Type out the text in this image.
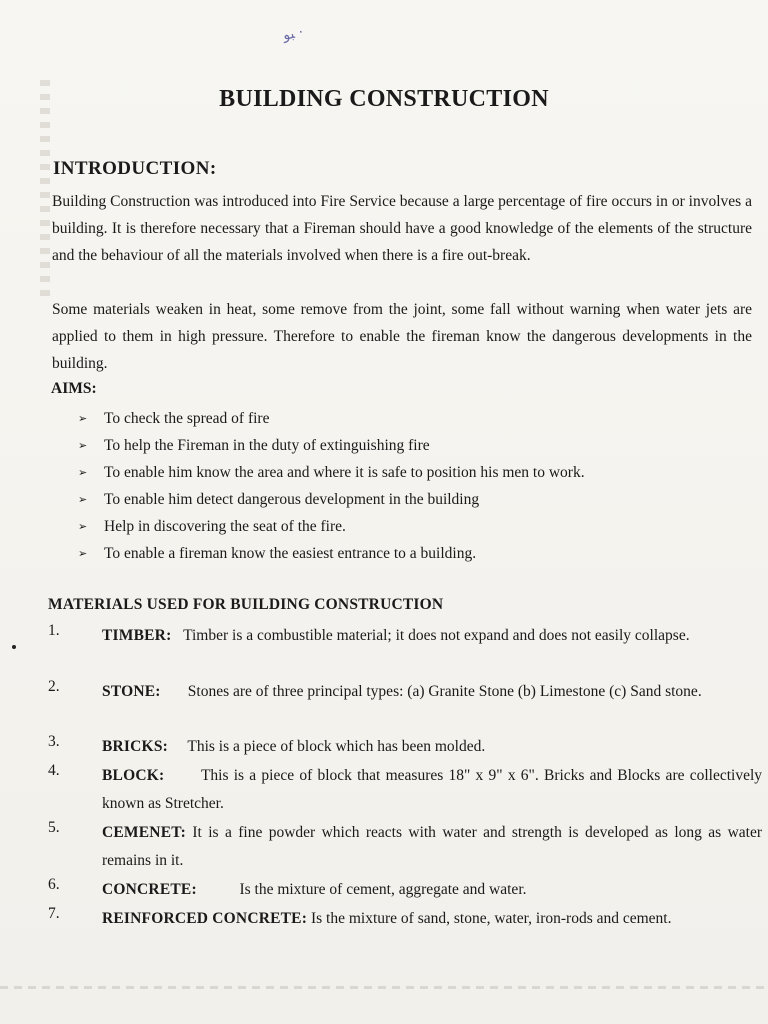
ﺒﻮ ·
BUILDING CONSTRUCTION
INTRODUCTION:
Building Construction was introduced into Fire Service because a large percentage of fire occurs in or involves a building. It is therefore necessary that a Fireman should have a good knowledge of the elements of the structure and the behaviour of all the materials involved when there is a fire out-break.
Some materials weaken in heat, some remove from the joint, some fall without warning when water jets are applied to them in high pressure. Therefore to enable the fireman know the dangerous developments in the building.
AIMS:
➢	To check the spread of fire
➢	To help the Fireman in the duty of extinguishing fire
➢	To enable him know the area and where it is safe to position his men to work.
➢	To enable him detect dangerous development in the building
➢	Help in discovering the seat of the fire.
➢	To enable a fireman know the easiest entrance to a building.
MATERIALS USED FOR BUILDING CONSTRUCTION
1.	TIMBER: Timber is a combustible material; it does not expand and does not easily collapse.
2.	STONE: Stones are of three principal types: (a) Granite Stone (b) Limestone (c) Sand stone.
3.	BRICKS: This is a piece of block which has been molded.
4.	BLOCK: This is a piece of block that measures 18" x 9" x 6". Bricks and Blocks are collectively known as Stretcher.
5.	CEMENET: It is a fine powder which reacts with water and strength is developed as long as water remains in it.
6.	CONCRETE:	Is the mixture of cement, aggregate and water.
7.	REINFORCED CONCRETE: Is the mixture of sand, stone, water, iron-rods and cement.
